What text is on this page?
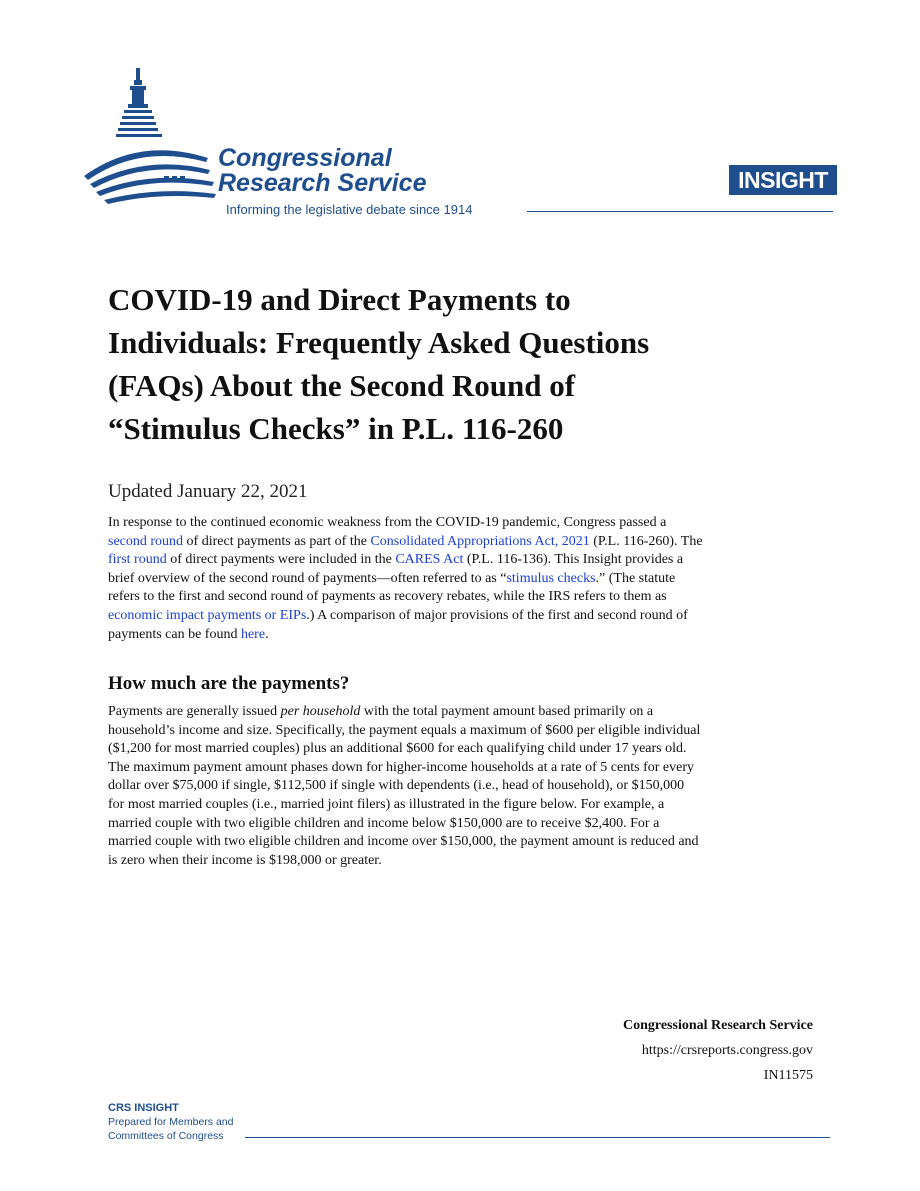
Congressional
Research Service
Informing the legislative debate since 1914
INSIGHT
COVID-19 and Direct Payments to
Individuals: Frequently Asked Questions
(FAQs) About the Second Round of
“Stimulus Checks” in P.L. 116-260
Updated January 22, 2021
In response to the continued economic weakness from the COVID-19 pandemic, Congress passed a
second round of direct payments as part of the Consolidated Appropriations Act, 2021 (P.L. 116-260). The
first round of direct payments were included in the CARES Act (P.L. 116-136). This Insight provides a
brief overview of the second round of payments—often referred to as “stimulus checks.” (The statute
refers to the first and second round of payments as recovery rebates, while the IRS refers to them as
economic impact payments or EIPs.) A comparison of major provisions of the first and second round of
payments can be found here.
How much are the payments?
Payments are generally issued per household with the total payment amount based primarily on a
household’s income and size. Specifically, the payment equals a maximum of $600 per eligible individual
($1,200 for most married couples) plus an additional $600 for each qualifying child under 17 years old.
The maximum payment amount phases down for higher-income households at a rate of 5 cents for every
dollar over $75,000 if single, $112,500 if single with dependents (i.e., head of household), or $150,000
for most married couples (i.e., married joint filers) as illustrated in the figure below. For example, a
married couple with two eligible children and income below $150,000 are to receive $2,400. For a
married couple with two eligible children and income over $150,000, the payment amount is reduced and
is zero when their income is $198,000 or greater.
Congressional Research Service
https://crsreports.congress.gov
IN11575
CRS INSIGHT
Prepared for Members and
Committees of Congress
